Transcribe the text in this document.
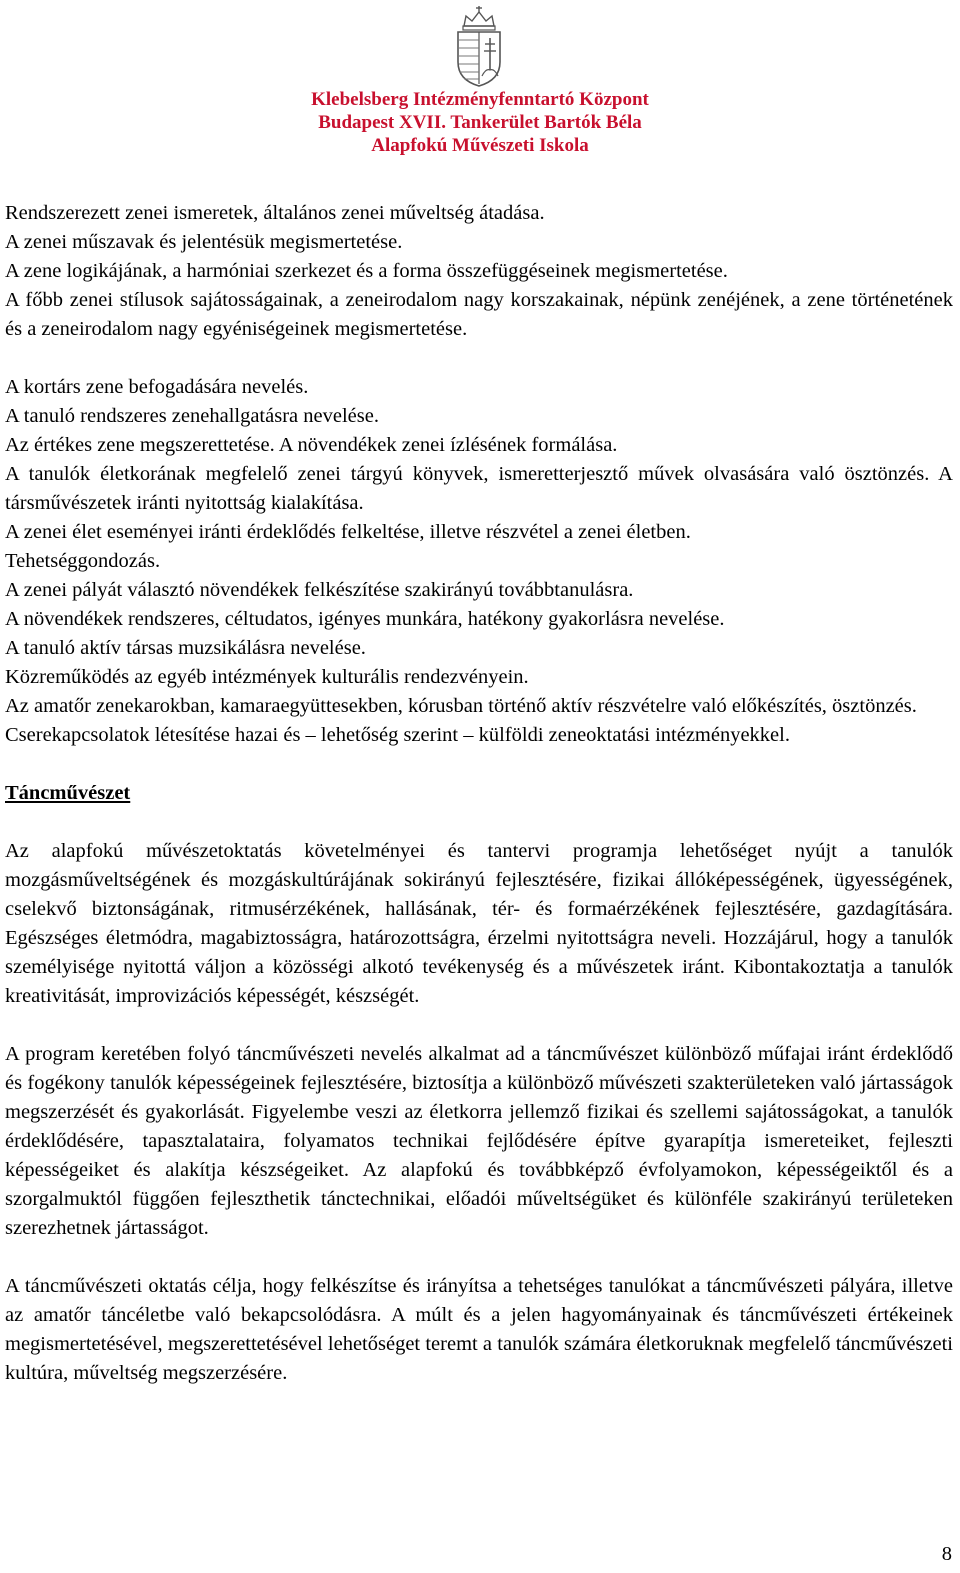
Klebelsberg Intézményfenntartó Központ
Budapest XVII. Tankerület Bartók Béla
Alapfokú Művészeti Iskola

Rendszerezett zenei ismeretek, általános zenei műveltség átadása.

A zenei műszavak és jelentésük megismertetése.

A zene logikájának, a harmóniai szerkezet és a forma összefüggéseinek megismertetése.

A főbb zenei stílusok sajátosságainak, a zeneirodalom nagy korszakainak, népünk zenéjének, a zene történetének és a zeneirodalom nagy egyéniségeinek megismertetése.

A kortárs zene befogadására nevelés.

A tanuló rendszeres zenehallgatásra nevelése.

Az értékes zene megszerettetése. A növendékek zenei ízlésének formálása.

A tanulók életkorának megfelelő zenei tárgyú könyvek, ismeretterjesztő művek olvasására való ösztönzés. A társművészetek iránti nyitottság kialakítása.

A zenei élet eseményei iránti érdeklődés felkeltése, illetve részvétel a zenei életben.

Tehetséggondozás.

A zenei pályát választó növendékek felkészítése szakirányú továbbtanulásra.

A növendékek rendszeres, céltudatos, igényes munkára, hatékony gyakorlásra nevelése.

A tanuló aktív társas muzsikálásra nevelése.

Közreműködés az egyéb intézmények kulturális rendezvényein.

Az amatőr zenekarokban, kamaraegyüttesekben, kórusban történő aktív részvételre való előkészítés, ösztönzés.

Cserekapcsolatok létesítése hazai és – lehetőség szerint – külföldi zeneoktatási intézményekkel.

Táncművészet

Az alapfokú művészetoktatás követelményei és tantervi programja lehetőséget nyújt a tanulók mozgásműveltségének és mozgáskultúrájának sokirányú fejlesztésére, fizikai állóképességének, ügyességének, cselekvő biztonságának, ritmusérzékének, hallásának, tér- és formaérzékének fejlesztésére, gazdagítására. Egészséges életmódra, magabiztosságra, határozottságra, érzelmi nyitottságra neveli. Hozzájárul, hogy a tanulók személyisége nyitottá váljon a közösségi alkotó tevékenység és a művészetek iránt. Kibontakoztatja a tanulók kreativitását, improvizációs képességét, készségét.

A program keretében folyó táncművészeti nevelés alkalmat ad a táncművészet különböző műfajai iránt érdeklődő és fogékony tanulók képességeinek fejlesztésére, biztosítja a különböző művészeti szakterületeken való jártasságok megszerzését és gyakorlását. Figyelembe veszi az életkorra jellemző fizikai és szellemi sajátosságokat, a tanulók érdeklődésére, tapasztalataira, folyamatos technikai fejlődésére építve gyarapítja ismereteiket, fejleszti képességeiket és alakítja készségeiket. Az alapfokú és továbbképző évfolyamokon, képességeiktől és a szorgalmuktól függően fejleszthetik tánctechnikai, előadói műveltségüket és különféle szakirányú területeken szerezhetnek jártasságot.

A táncművészeti oktatás célja, hogy felkészítse és irányítsa a tehetséges tanulókat a táncművészeti pályára, illetve az amatőr táncéletbe való bekapcsolódásra. A múlt és a jelen hagyományainak és táncművészeti értékeinek megismertetésével, megszerettetésével lehetőséget teremt a tanulók számára életkoruknak megfelelő táncművészeti kultúra, műveltség megszerzésére.

8
